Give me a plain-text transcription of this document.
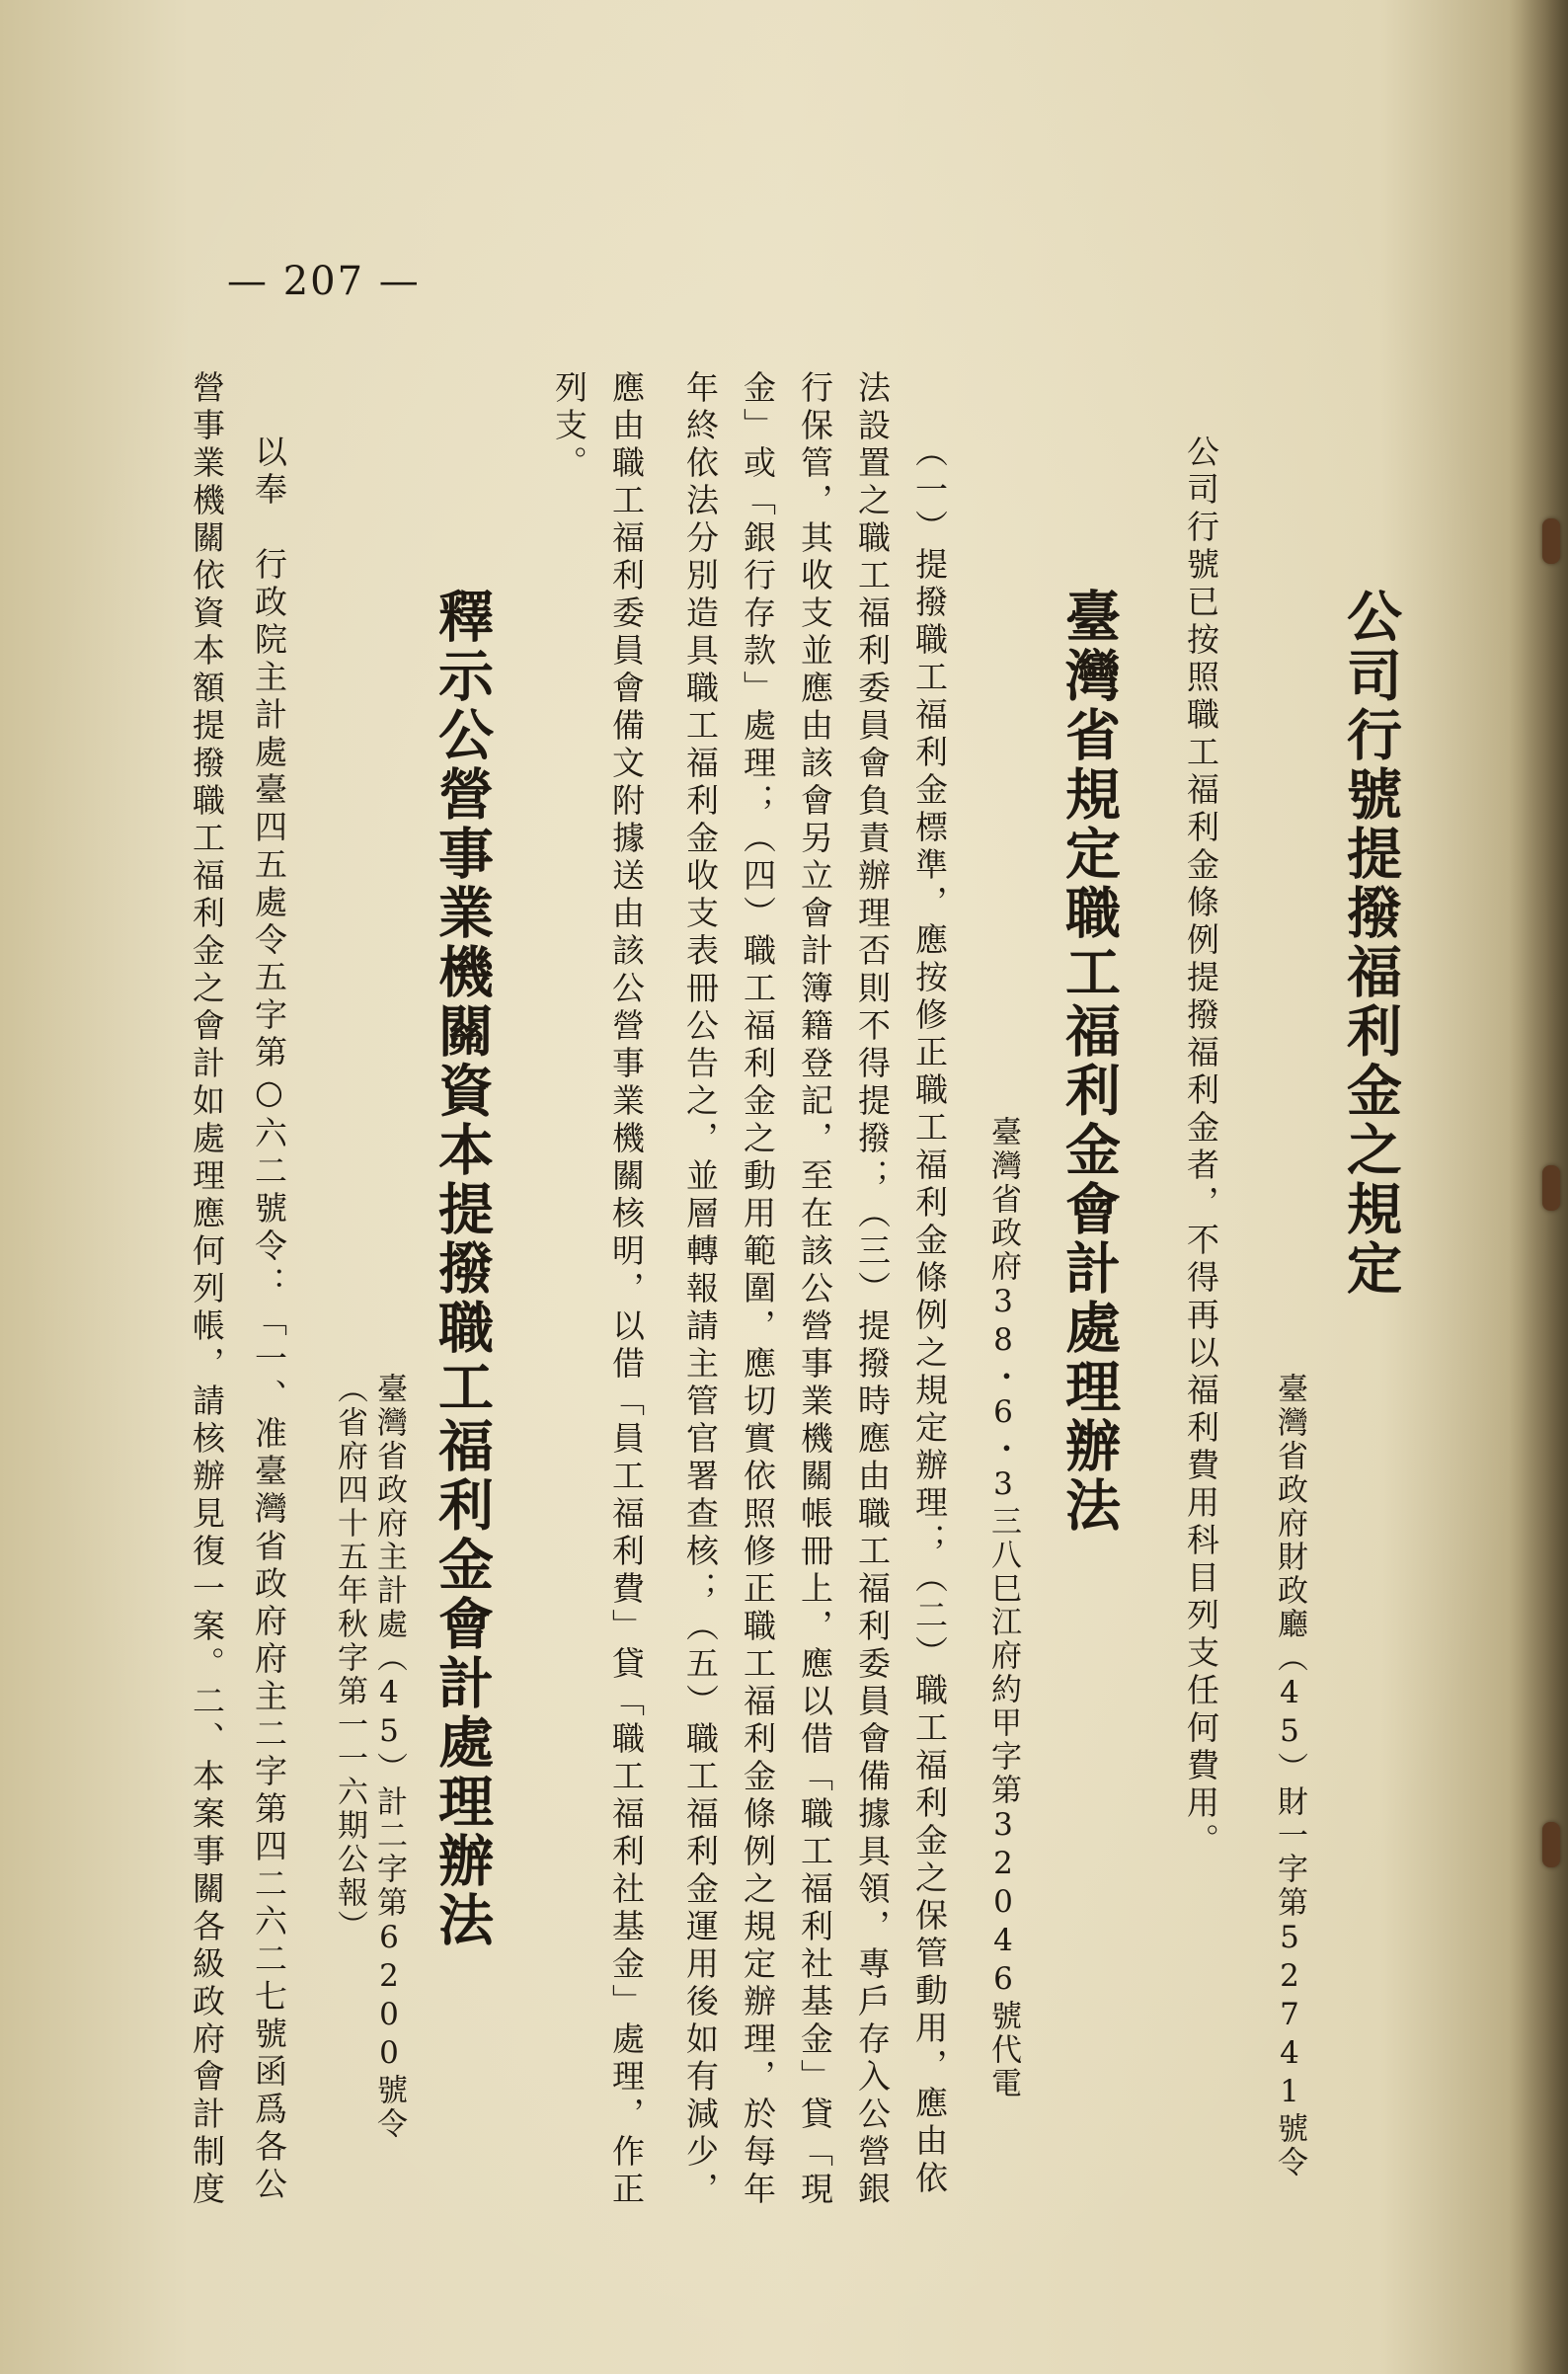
公司行號提撥福利金之規定
臺灣省政府財政廳（45）財一字第52741號令
公司行號已按照職工福利金條例提撥福利金者，不得再以福利費用科目列支任何費用。
臺灣省規定職工福利金會計處理辦法
臺灣省政府38・6・3三八巳江府約甲字第32046號代電
（一）提撥職工福利金標準，應按修正職工福利金條例之規定辦理；（二）職工福利金之保管動用，應由依
法設置之職工福利委員會負責辦理否則不得提撥；（三）提撥時應由職工福利委員會備據具領，專戶存入公營銀
行保管，其收支並應由該會另立會計簿籍登記，至在該公營事業機關帳冊上，應以借「職工福利社基金」貸「現
金」或「銀行存款」處理；（四）職工福利金之動用範圍，應切實依照修正職工福利金條例之規定辦理，於每年
年終依法分別造具職工福利金收支表冊公告之，並層轉報請主管官署查核；（五）職工福利金運用後如有減少，
應由職工福利委員會備文附據送由該公營事業機關核明，以借「員工福利費」貸「職工福利社基金」處理，作正
列支。
釋示公營事業機關資本提撥職工福利金會計處理辦法
臺灣省政府主計處（45）計二字第6200號令
（省府四十五年秋字第一一六期公報）
以奉　行政院主計處臺四五處令五字第○六二號令：「一、准臺灣省政府府主二字第四二六二七號函爲各公
營事業機關依資本額提撥職工福利金之會計如處理應何列帳，請核辦見復一案。二、本案事關各級政府會計制度
— 207 —
